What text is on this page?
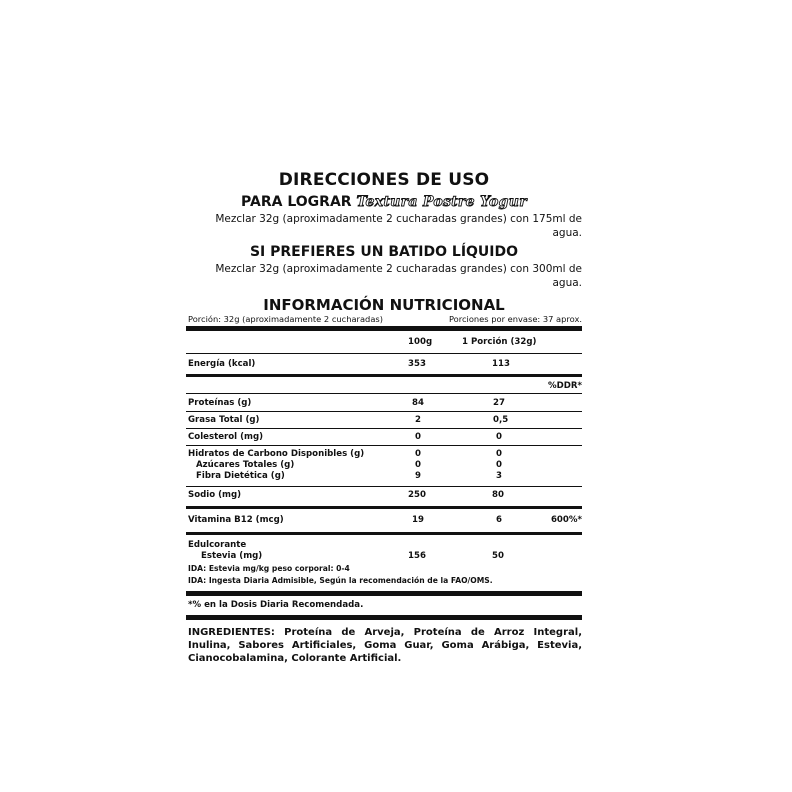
DIRECCIONES DE USO
PARA LOGRAR Textura Postre Yogur
Mezclar 32g (aproximadamente 2 cucharadas grandes) con 175ml de agua.
SI PREFIERES UN BATIDO LÍQUIDO
Mezclar 32g (aproximadamente 2 cucharadas grandes) con 300ml de agua.
INFORMACIÓN NUTRICIONAL
Porción: 32g (aproximadamente 2 cucharadas)	Porciones por envase: 37 aprox.
100g	1 Porción (32g)
Energía (kcal)	353	113
%DDR*
Proteínas (g)	84	27
Grasa Total (g)	2	0,5
Colesterol (mg)	0	0
Hidratos de Carbono Disponibles (g)	0	0
Azúcares Totales (g)	0	0
Fibra Dietética (g)	9	3
Sodio (mg)	250	80
Vitamina B12 (mcg)	19	6	600%*
Edulcorante
Estevia (mg)	156	50
IDA: Estevia mg/kg peso corporal: 0-4
IDA: Ingesta Diaria Admisible, Según la recomendación de la FAO/OMS.
*% en la Dosis Diaria Recomendada.
INGREDIENTES: Proteína de Arveja, Proteína de Arroz Integral, Inulina, Sabores Artificiales, Goma Guar, Goma Arábiga, Estevia, Cianocobalamina, Colorante Artificial.
